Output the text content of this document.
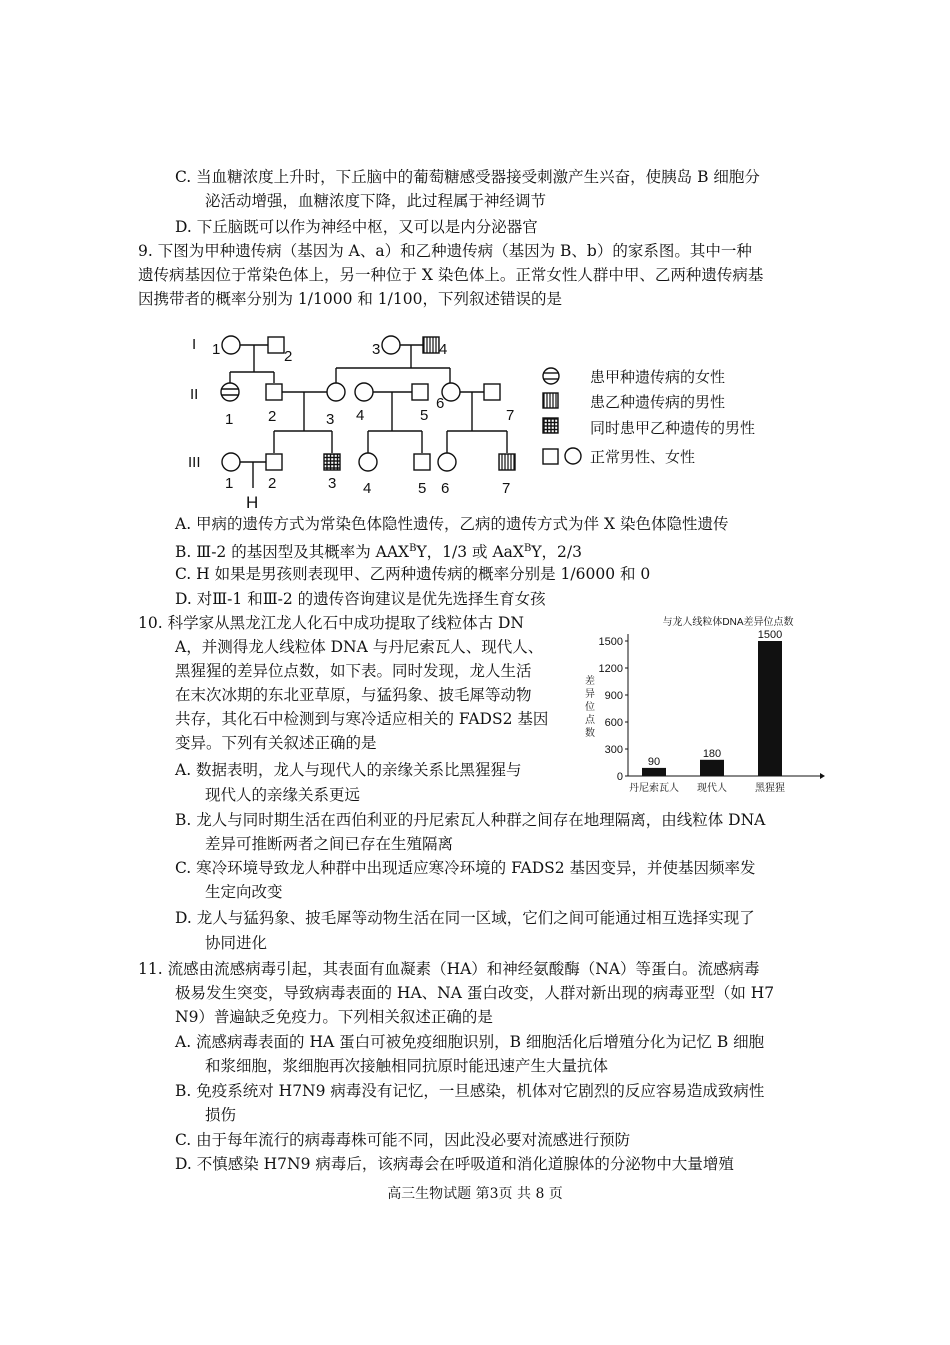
C. 当血糖浓度上升时，下丘脑中的葡萄糖感受器接受刺激产生兴奋，使胰岛 B 细胞分
泌活动增强，血糖浓度下降，此过程属于神经调节
D. 下丘脑既可以作为神经中枢，又可以是内分泌器官
9. 下图为甲种遗传病（基因为 A、a）和乙种遗传病（基因为 B、b）的家系图。其中一种
遗传病基因位于常染色体上，另一种位于 X 染色体上。正常女性人群中甲、乙两种遗传病基
因携带者的概率分别为 1/1000 和 1/100，下列叙述错误的是
I
II
III
1	2	3	4
1 2	3 4	5
6
7
1 2	3 4	5 6	7
H
患甲种遗传病的女性
患乙种遗传病的男性
同时患甲乙种遗传的男性
正常男性、女性
A. 甲病的遗传方式为常染色体隐性遗传，乙病的遗传方式为伴 X 染色体隐性遗传
B. Ⅲ-2 的基因型及其概率为 $AAX^BY$，1/3 或 AaX$^B$Y，2/3
C. H 如果是男孩则表现甲、乙两种遗传病的概率分别是 1/6000 和 0
D. 对Ⅲ-1 和Ⅲ-2 的遗传咨询建议是优先选择生育女孩
10. 科学家从黑龙江龙人化石中成功提取了线粒体古 DN
A，并测得龙人线粒体 DNA 与丹尼索瓦人、现代人、
黑猩猩的差异位点数，如下表。同时发现，龙人生活
在末次冰期的东北亚草原，与猛犸象、披毛犀等动物
共存，其化石中检测到与寒冷适应相关的 FADS2 基因
变异。下列有关叙述正确的是
A. 数据表明，龙人与现代人的亲缘关系比黑猩猩与
现代人的亲缘关系更远
B. 龙人与同时期生活在西伯利亚的丹尼索瓦人种群之间存在地理隔离，由线粒体 DNA
差异可推断两者之间已存在生殖隔离
C. 寒冷环境导致龙人种群中出现适应寒冷环境的 FADS2 基因变异，并使基因频率发
生定向改变
D. 龙人与猛犸象、披毛犀等动物生活在同一区域，它们之间可能通过相互选择实现了
协同进化
与龙人线粒体DNA差异位点数
差
异
位
点
数
0
300
600
900
1200
1500
90
丹尼索瓦人
180
现代人
1500
黑猩猩
11. 流感由流感病毒引起，其表面有血凝素（HA）和神经氨酸酶（NA）等蛋白。流感病毒
极易发生突变，导致病毒表面的 HA、NA 蛋白改变，人群对新出现的病毒亚型（如 H7
N9）普遍缺乏免疫力。下列相关叙述正确的是
A. 流感病毒表面的 HA 蛋白可被免疫细胞识别，B 细胞活化后增殖分化为记忆 B 细胞
和浆细胞，浆细胞再次接触相同抗原时能迅速产生大量抗体
B. 免疫系统对 H7N9 病毒没有记忆，一旦感染，机体对它剧烈的反应容易造成致病性
损伤
C. 由于每年流行的病毒毒株可能不同，因此没必要对流感进行预防
D. 不慎感染 H7N9 病毒后，该病毒会在呼吸道和消化道腺体的分泌物中大量增殖
高三生物试题 第3页 共 8 页
